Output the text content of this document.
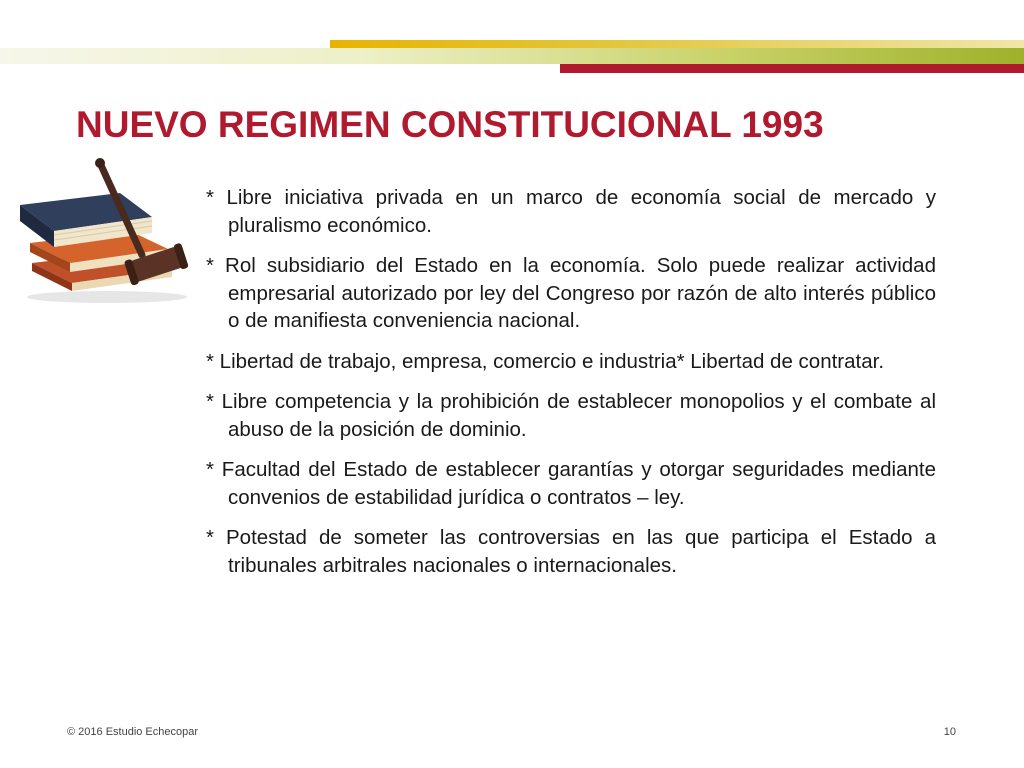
NUEVO REGIMEN CONSTITUCIONAL 1993
* Libre iniciativa privada en un marco de economía social de mercado y pluralismo económico.
* Rol subsidiario del Estado en la economía. Solo puede realizar actividad empresarial autorizado por ley del Congreso por razón de alto interés público o de manifiesta conveniencia nacional.
* Libertad de trabajo, empresa, comercio e industria* Libertad de contratar.
* Libre competencia y la prohibición de establecer monopolios y el combate al abuso de la posición de dominio.
* Facultad del Estado de establecer garantías y otorgar seguridades mediante convenios de estabilidad jurídica o contratos – ley.
* Potestad de someter las controversias en las que participa el Estado a tribunales arbitrales nacionales o internacionales.
© 2016 Estudio Echecopar	10
